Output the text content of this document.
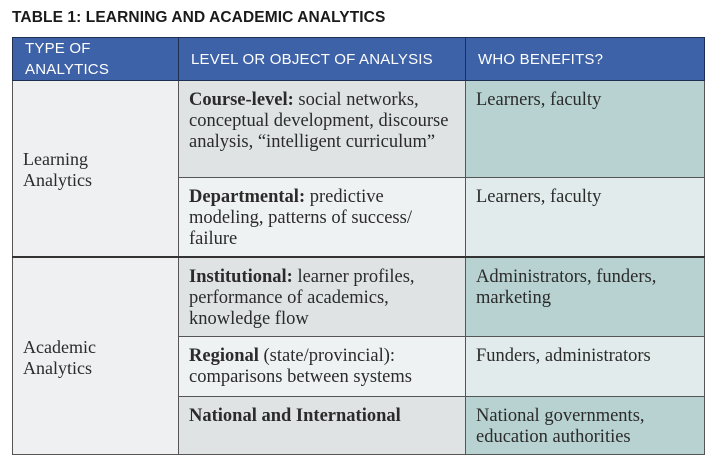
TABLE 1: LEARNING AND ACADEMIC ANALYTICS
TYPE OF ANALYTICS	LEVEL OR OBJECT OF ANALYSIS	WHO BENEFITS?

Learning
Analytics	Course-level: social networks, conceptual development, discourse analysis, “intelligent curriculum”	Learners, faculty
	Departmental: predictive modeling, patterns of success/ failure	Learners, faculty

Academic
Analytics	Institutional: learner profiles, performance of academics, knowledge flow	Administrators, funders, marketing
	Regional (state/provincial): comparisons between systems	Funders, administrators
	National and International	National governments, education authorities
